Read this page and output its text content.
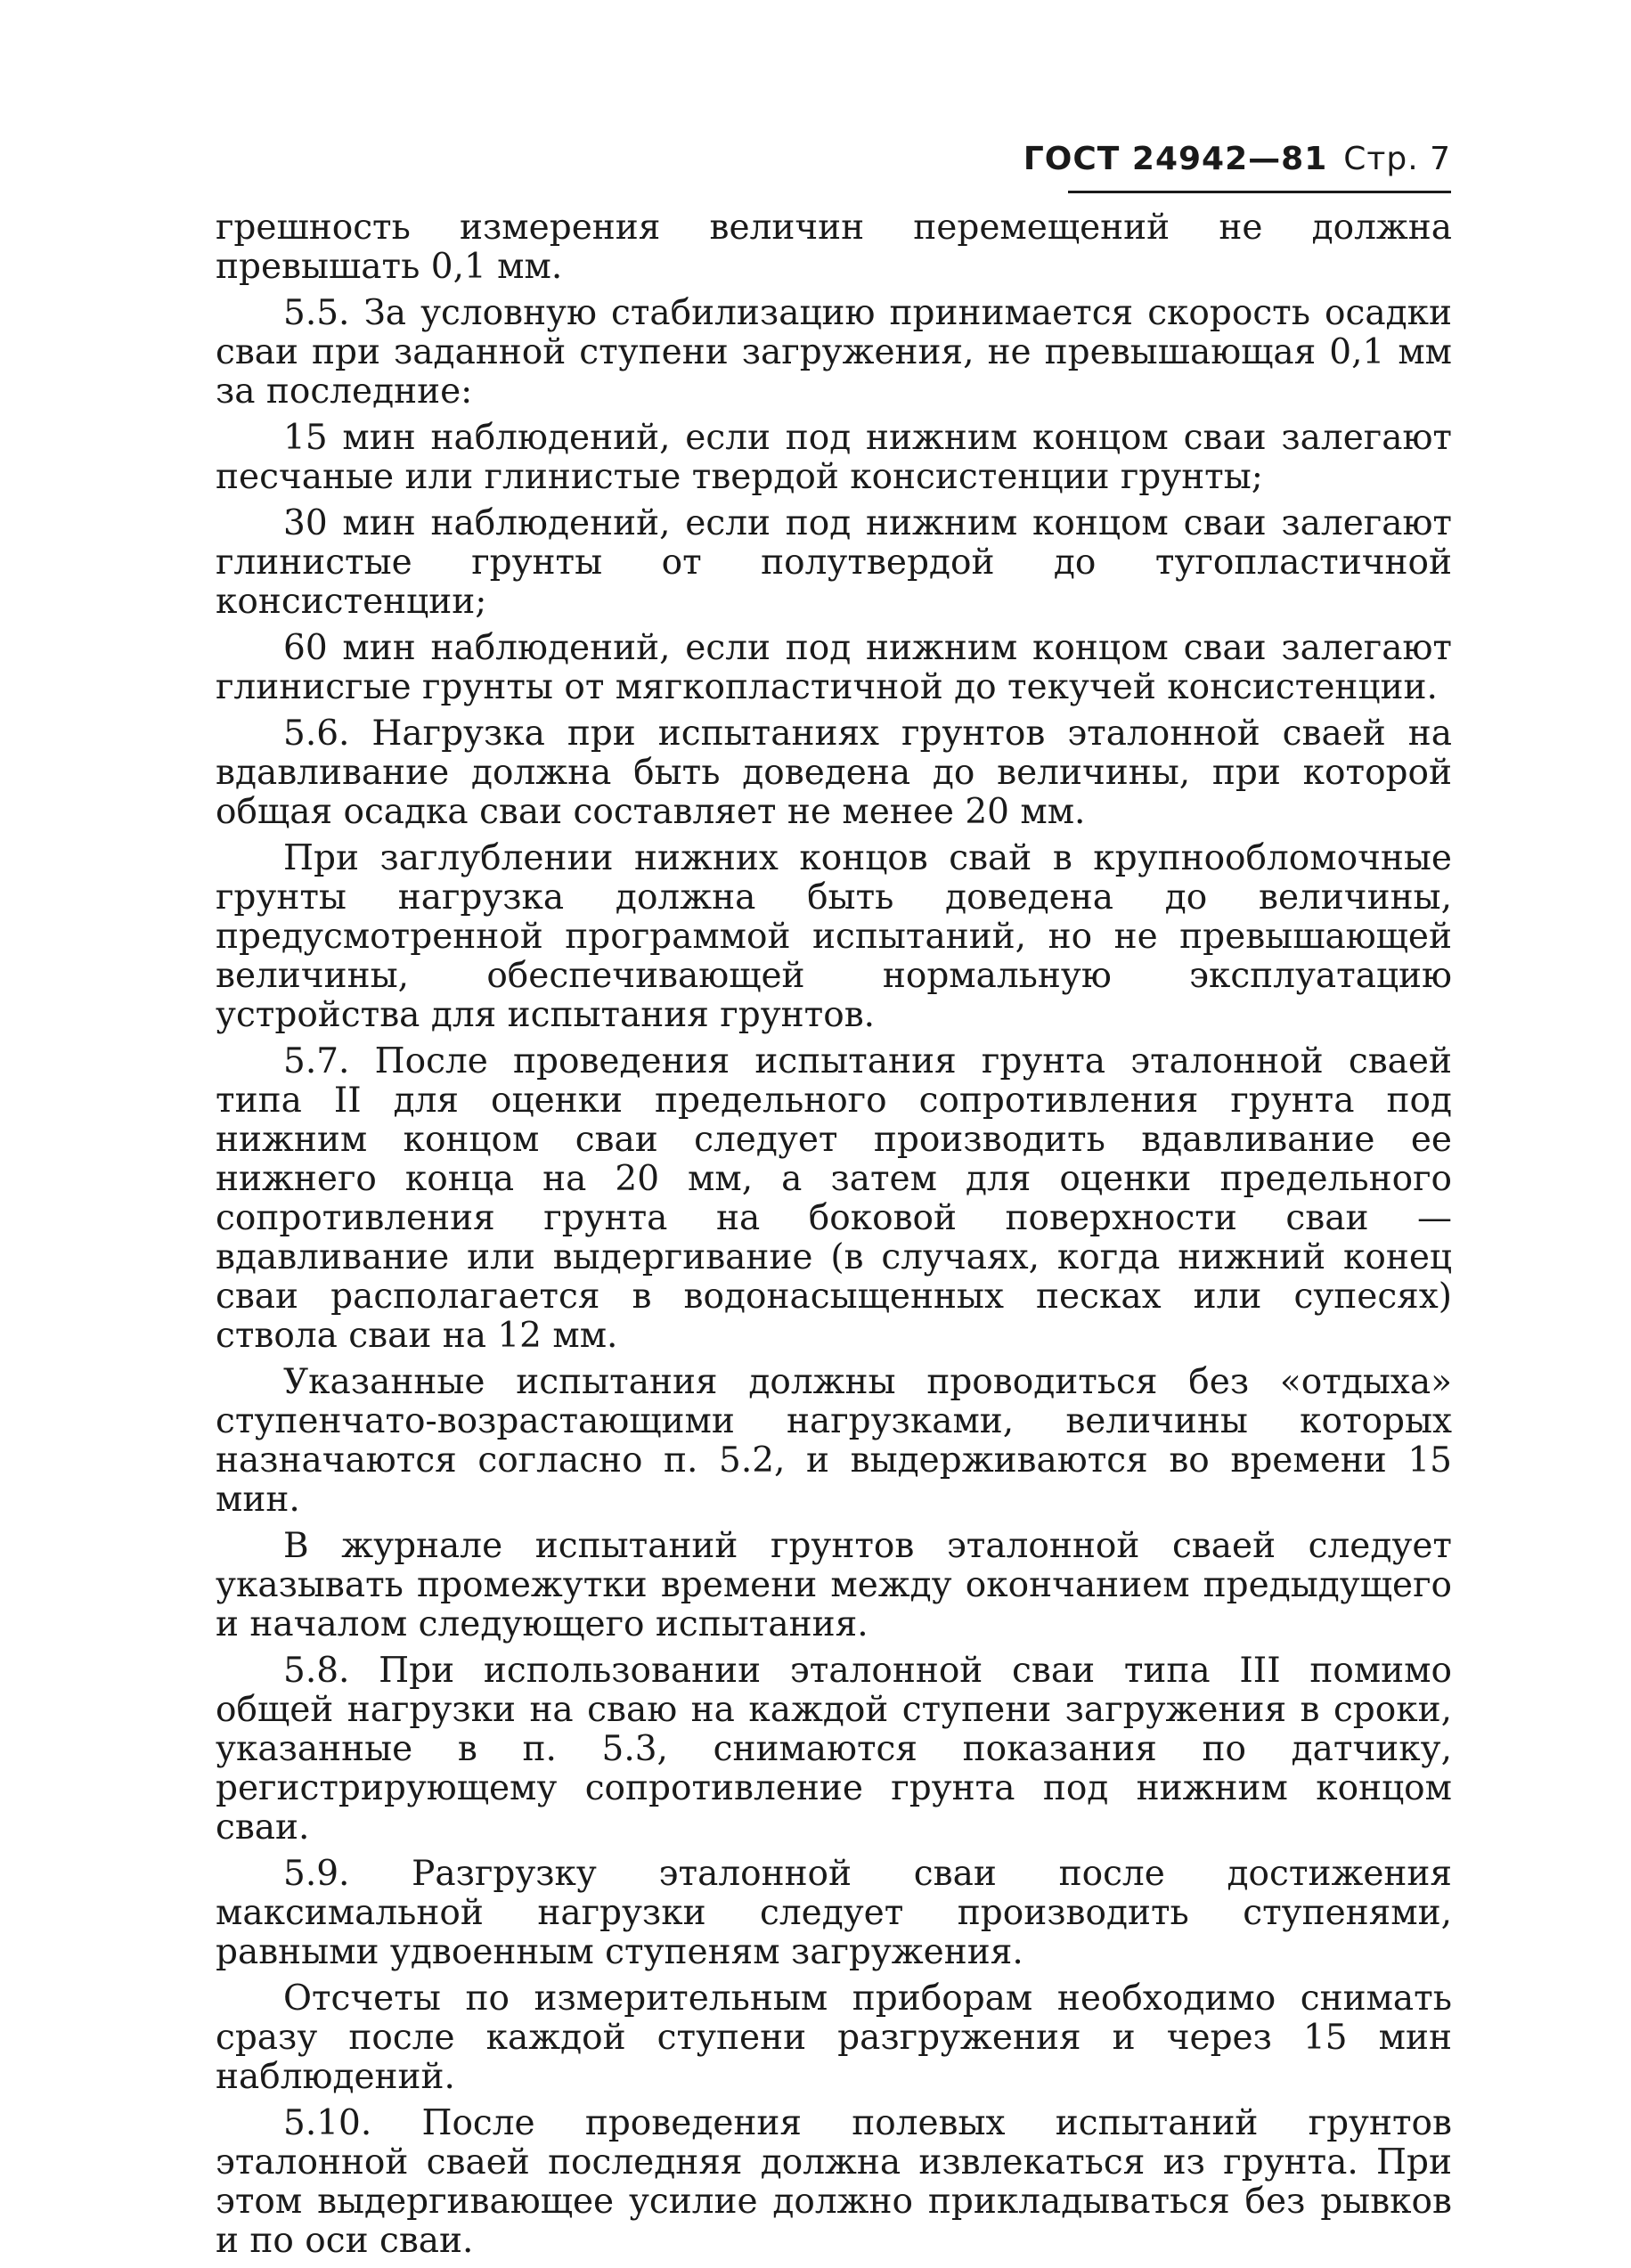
ГОСТ 24942—81 Стр. 7

грешность измерения величин перемещений не должна превышать 0,1 мм.

5.5. За условную стабилизацию принимается скорость осадки сваи при заданной ступени загружения, не превышающая 0,1 мм за последние:

15 мин наблюдений, если под нижним концом сваи залегают песчаные или глинистые твердой консистенции грунты;

30 мин наблюдений, если под нижним концом сваи залегают глинистые грунты от полутвердой до тугопластичной консистенции;

60 мин наблюдений, если под нижним концом сваи залегают глинисгые грунты от мягкопластичной до текучей консистенции.

5.6. Нагрузка при испытаниях грунтов эталонной сваей на вдавливание должна быть доведена до величины, при которой общая осадка сваи составляет не менее 20 мм.

При заглублении нижних концов свай в крупнообломочные грунты нагрузка должна быть доведена до величины, предусмотренной программой испытаний, но не превышающей величины, обеспечивающей нормальную эксплуатацию устройства для испытания грунтов.

5.7. После проведения испытания грунта эталонной сваей типа II для оценки предельного сопротивления грунта под нижним концом сваи следует производить вдавливание ее нижнего конца на 20 мм, а затем для оценки предельного сопротивления грунта на боковой поверхности сваи — вдавливание или выдергивание (в случаях, когда нижний конец сваи располагается в водонасыщенных песках или супесях) ствола сваи на 12 мм.

Указанные испытания должны проводиться без «отдыха» ступенчато-возрастающими нагрузками, величины которых назначаются согласно п. 5.2, и выдерживаются во времени 15 мин.

В журнале испытаний грунтов эталонной сваей следует указывать промежутки времени между окончанием предыдущего и началом следующего испытания.

5.8. При использовании эталонной сваи типа III помимо общей нагрузки на сваю на каждой ступени загружения в сроки, указанные в п. 5.3, снимаются показания по датчику, регистрирующему сопротивление грунта под нижним концом сваи.

5.9. Разгрузку эталонной сваи после достижения максимальной нагрузки следует производить ступенями, равными удвоенным ступеням загружения.

Отсчеты по измерительным приборам необходимо снимать сразу после каждой ступени разгружения и через 15 мин наблюдений.

5.10. После проведения полевых испытаний грунтов эталонной сваей последняя должна извлекаться из грунта. При этом выдергивающее усилие должно прикладываться без рывков и по оси сваи.
